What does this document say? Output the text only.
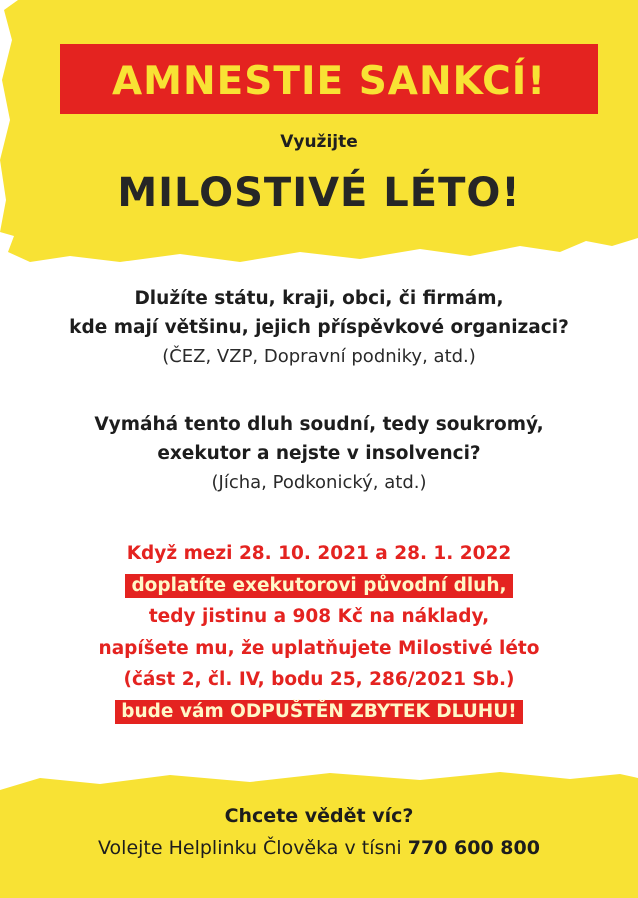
AMNESTIE SANKCÍ!
Využijte
MILOSTIVÉ LÉTO!
Dlužíte státu, kraji, obci, či firmám,
kde mají většinu, jejich příspěvkové organizaci?
(ČEZ, VZP, Dopravní podniky, atd.)
Vymáhá tento dluh soudní, tedy soukromý,
exekutor a nejste v insolvenci?
(Jícha, Podkonický, atd.)
Když mezi 28. 10. 2021 a 28. 1. 2022
doplatíte exekutorovi původní dluh,
tedy jistinu a 908 Kč na náklady,
napíšete mu, že uplatňujete Milostivé léto
(část 2, čl. IV, bodu 25, 286/2021 Sb.)
bude vám ODPUŠTĚN ZBYTEK DLUHU!
Chcete vědět víc?
Volejte Helplinku Člověka v tísni 770 600 800
